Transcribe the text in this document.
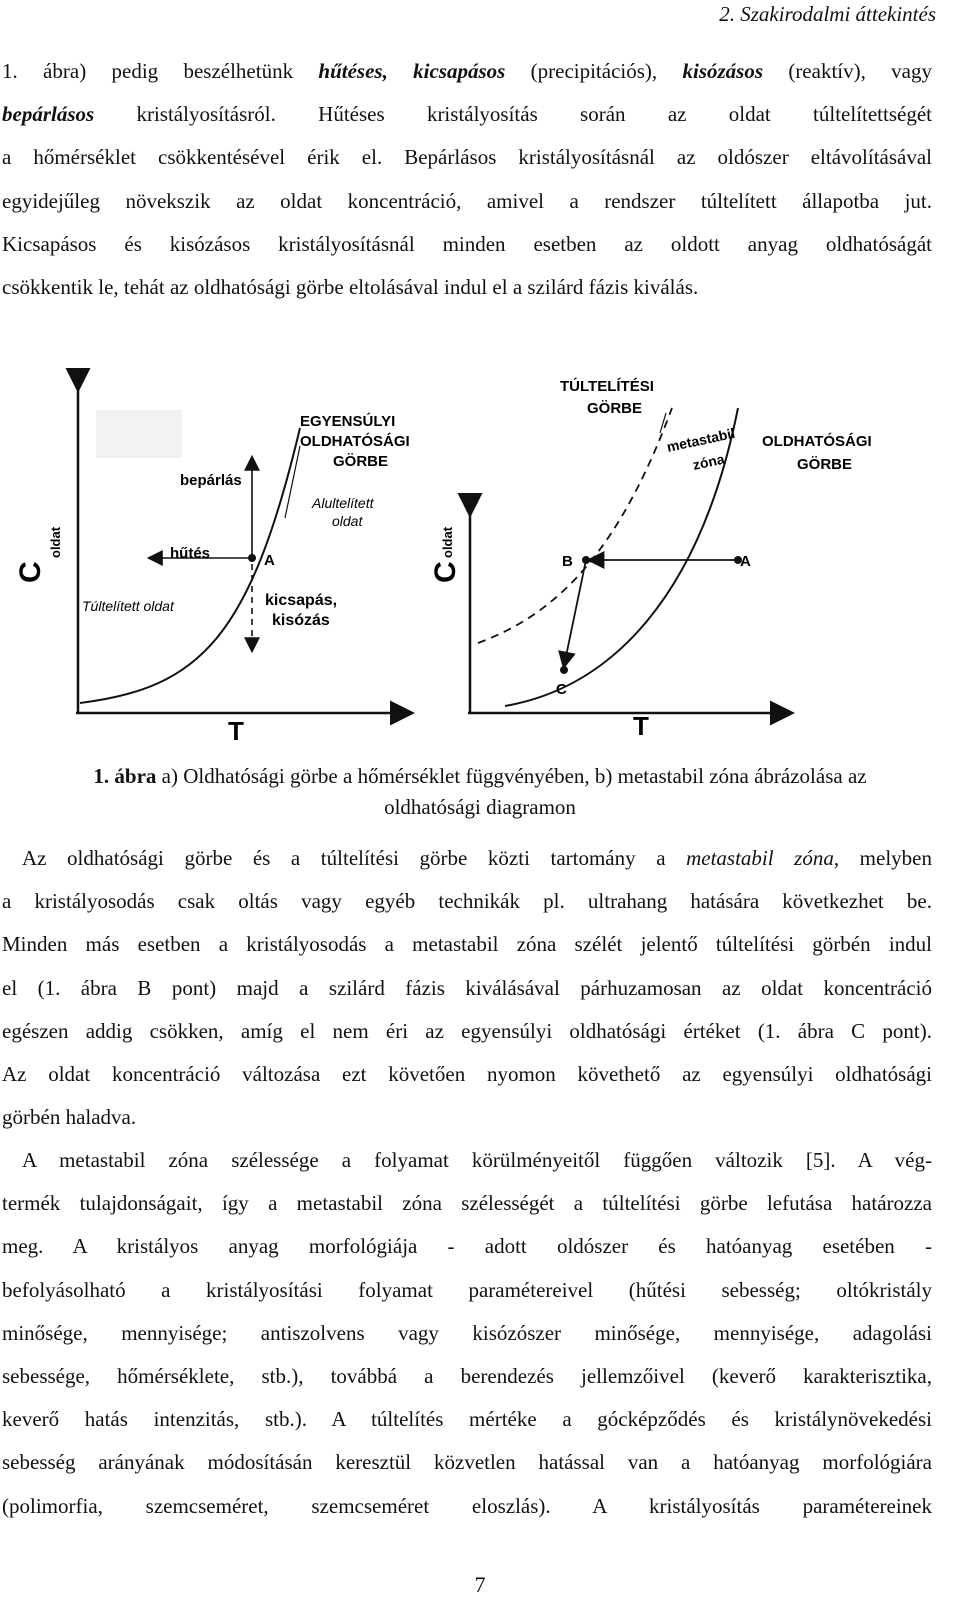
2. Szakirodalmi áttekintés
1. ábra) pedig beszélhetünk hűtéses, kicsapásos (precipitációs), kisózásos (reaktív), vagy
bepárlásos kristályosításról. Hűtéses kristályosítás során az oldat túltelítettségét
a hőmérséklet csökkentésével érik el. Bepárlásos kristályosításnál az oldószer eltávolításával
egyidejűleg növekszik az oldat koncentráció, amivel a rendszer túltelített állapotba jut.
Kicsapásos és kisózásos kristályosításnál minden esetben az oldott anyag oldhatóságát
csökkentik le, tehát az oldhatósági görbe eltolásával indul el a szilárd fázis kiválás.
C
oldat
T
EGYENSÚLYI
OLDHATÓSÁGI
GÖRBE
bepárlás
hűtés	A
Túltelített oldat
Alultelített
oldat
kicsapás,
kisózás
C
oldat
T
TÚLTELÍTÉSI
GÖRBE
metastabil
zóna
OLDHATÓSÁGI
GÖRBE
A
B
C
1. ábra a) Oldhatósági görbe a hőmérséklet függvényében, b) metastabil zóna ábrázolása az
oldhatósági diagramon
Az oldhatósági görbe és a túltelítési görbe közti tartomány a metastabil zóna, melyben
a kristályosodás csak oltás vagy egyéb technikák pl. ultrahang hatására következhet be.
Minden más esetben a kristályosodás a metastabil zóna szélét jelentő túltelítési görbén indul
el (1. ábra B pont) majd a szilárd fázis kiválásával párhuzamosan az oldat koncentráció
egészen addig csökken, amíg el nem éri az egyensúlyi oldhatósági értéket (1. ábra C pont).
Az oldat koncentráció változása ezt követően nyomon követhető az egyensúlyi oldhatósági
görbén haladva.
A metastabil zóna szélessége a folyamat körülményeitől függően változik [5]. A vég-
termék tulajdonságait, így a metastabil zóna szélességét a túltelítési görbe lefutása határozza
meg. A kristályos anyag morfológiája - adott oldószer és hatóanyag esetében -
befolyásolható a kristályosítási folyamat paramétereivel (hűtési sebesség; oltókristály
minősége, mennyisége; antiszolvens vagy kisózószer minősége, mennyisége, adagolási
sebessége, hőmérséklete, stb.), továbbá a berendezés jellemzőivel (keverő karakterisztika,
keverő hatás intenzitás, stb.). A túltelítés mértéke a gócképződés és kristálynövekedési
sebesség arányának módosításán keresztül közvetlen hatással van a hatóanyag morfológiára
(polimorfia, szemcseméret, szemcseméret eloszlás). A kristályosítás paramétereinek
7
